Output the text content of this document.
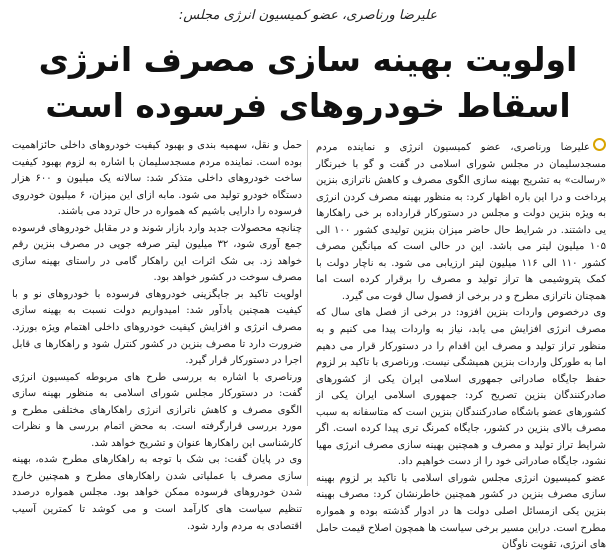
علیرضا ورناصری، عضو کمیسیون انرژی مجلس:
اولویت بهینه سازی مصرف انرژی
اسقاط خودروهای فرسوده است

علیرضا ورناصری، عضو کمیسیون انرژی و نماینده مردم مسجدسلیمان در مجلس شورای اسلامی در گفت و گو با خبرنگار «رسالت» به تشریح بهینه سازی الگوی مصرف و کاهش ناترازی بنزین پرداخت و درا این باره اظهار کرد: به منظور بهینه مصرف کردن انرژی به ویژه بنزین دولت و مجلس در دستورکار قرارداده بر خی راهکارها یی داشتند. در شرایط حال حاضر میزان بنزین تولیدی کشور ۱۰۰ الی ۱۰۵ میلیون لیتر می باشد. این در حالی است که میانگین مصرف کشور ۱۱۰ الی ۱۱۶ میلیون لیتر ارزیابی می شود. به ناچار دولت با کمک پتروشیمی ها تراز تولید و مصرف را برقرار کرده است اما همچنان ناترازی مطرح و در برخی از فصول سال قوت می گیرد.

وی درخصوص واردات بنزین افزود: در برخی از فصل های سال که مصرف انرژی افزایش می یابد، نیاز به واردات پیدا می کنیم و به منظور تراز تولید و مصرف این اقدام را در دستورکار قرار می دهیم اما به طورکل واردات بنزین همیشگی نیست. ورناصری با تاکید بر لزوم حفظ جایگاه صادراتی جمهوری اسلامی ایران یکی از کشورهای صادرکنندگان بنزین تصریح کرد: جمهوری اسلامی ایران یکی از کشورهای عضو باشگاه صادرکنندگان بنزین است که متاسفانه به سبب مصرف بالای بنزین در کشور، جایگاه کمرنگ تری پیدا کرده است. اگر شرایط تراز تولید و مصرف و همچنین بهینه سازی مصرف انرژی مهیا نشود، جایگاه صادراتی خود را از دست خواهیم داد.

عضو کمیسیون انرژی مجلس شورای اسلامی با تاکید بر لزوم بهینه سازی مصرف بنزین در کشور همچنین خاطرنشان کرد: مصرف بهینه بنزین یکی ازمسائل اصلی دولت ها در ادوار گذشته بوده و همواره مطرح است. دراین مسیر برخی سیاست ها همچون اصلاح قیمت حامل های انرژی، تقویت ناوگان

حمل و نقل، سهمیه بندی و بهبود کیفیت خودروهای داخلی حائزاهمیت بوده است. نماینده مردم مسجدسلیمان با اشاره به لزوم بهبود کیفیت ساخت خودروهای داخلی متذکر شد: سالانه یک میلیون و ۶۰۰ هزار دستگاه خودرو تولید می شود. مابه ازای این میزان، ۶ میلیون خودروی فرسوده را دارایی باشیم که همواره در حال تردد می باشند.

چنانچه محصولات جدید وارد بازار شوند و در مقابل خودروهای فرسوده جمع آوری شود، ۳۲ میلیون لیتر صرفه جویی در مصرف بنزین رقم خواهد زد. بی شک اثرات این راهکار گامی در راستای بهینه سازی مصرف سوخت در کشور خواهد بود.

اولویت تاکید بر جایگزینی خودروهای فرسوده با خودروهای نو و با کیفیت همچنین یادآور شد: امیدواریم دولت نسبت به بهینه سازی مصرف انرژی و افزایش کیفیت خودروهای داخلی اهتمام ویژه بورزد. ضرورت دارد تا مصرف بنزین در کشور کنترل شود و راهکارها ی قابل اجرا در دستورکار قرار گیرد.

ورناصری با اشاره به بررسی طرح های مربوطه کمیسیون انرژی گفت: در دستورکار مجلس شورای اسلامی به منظور بهینه سازی الگوی مصرف و کاهش ناترازی انرژی راهکارهای مختلفی مطرح و مورد بررسی قرارگرفته است. به محض اتمام بررسی ها و نظرات کارشناسی این راهکارها عنوان و تشریح خواهد شد.

وی در پایان گفت: بی شک با توجه به راهکارهای مطرح شده، بهینه سازی مصرف با عملیاتی شدن راهکارهای مطرح و همچنین خارج شدن خودروهای فرسوده ممکن خواهد بود. مجلس همواره درصدد تنظیم سیاست های کارآمد است و می کوشد تا کمترین آسیب اقتصادی به مردم وارد شود.
